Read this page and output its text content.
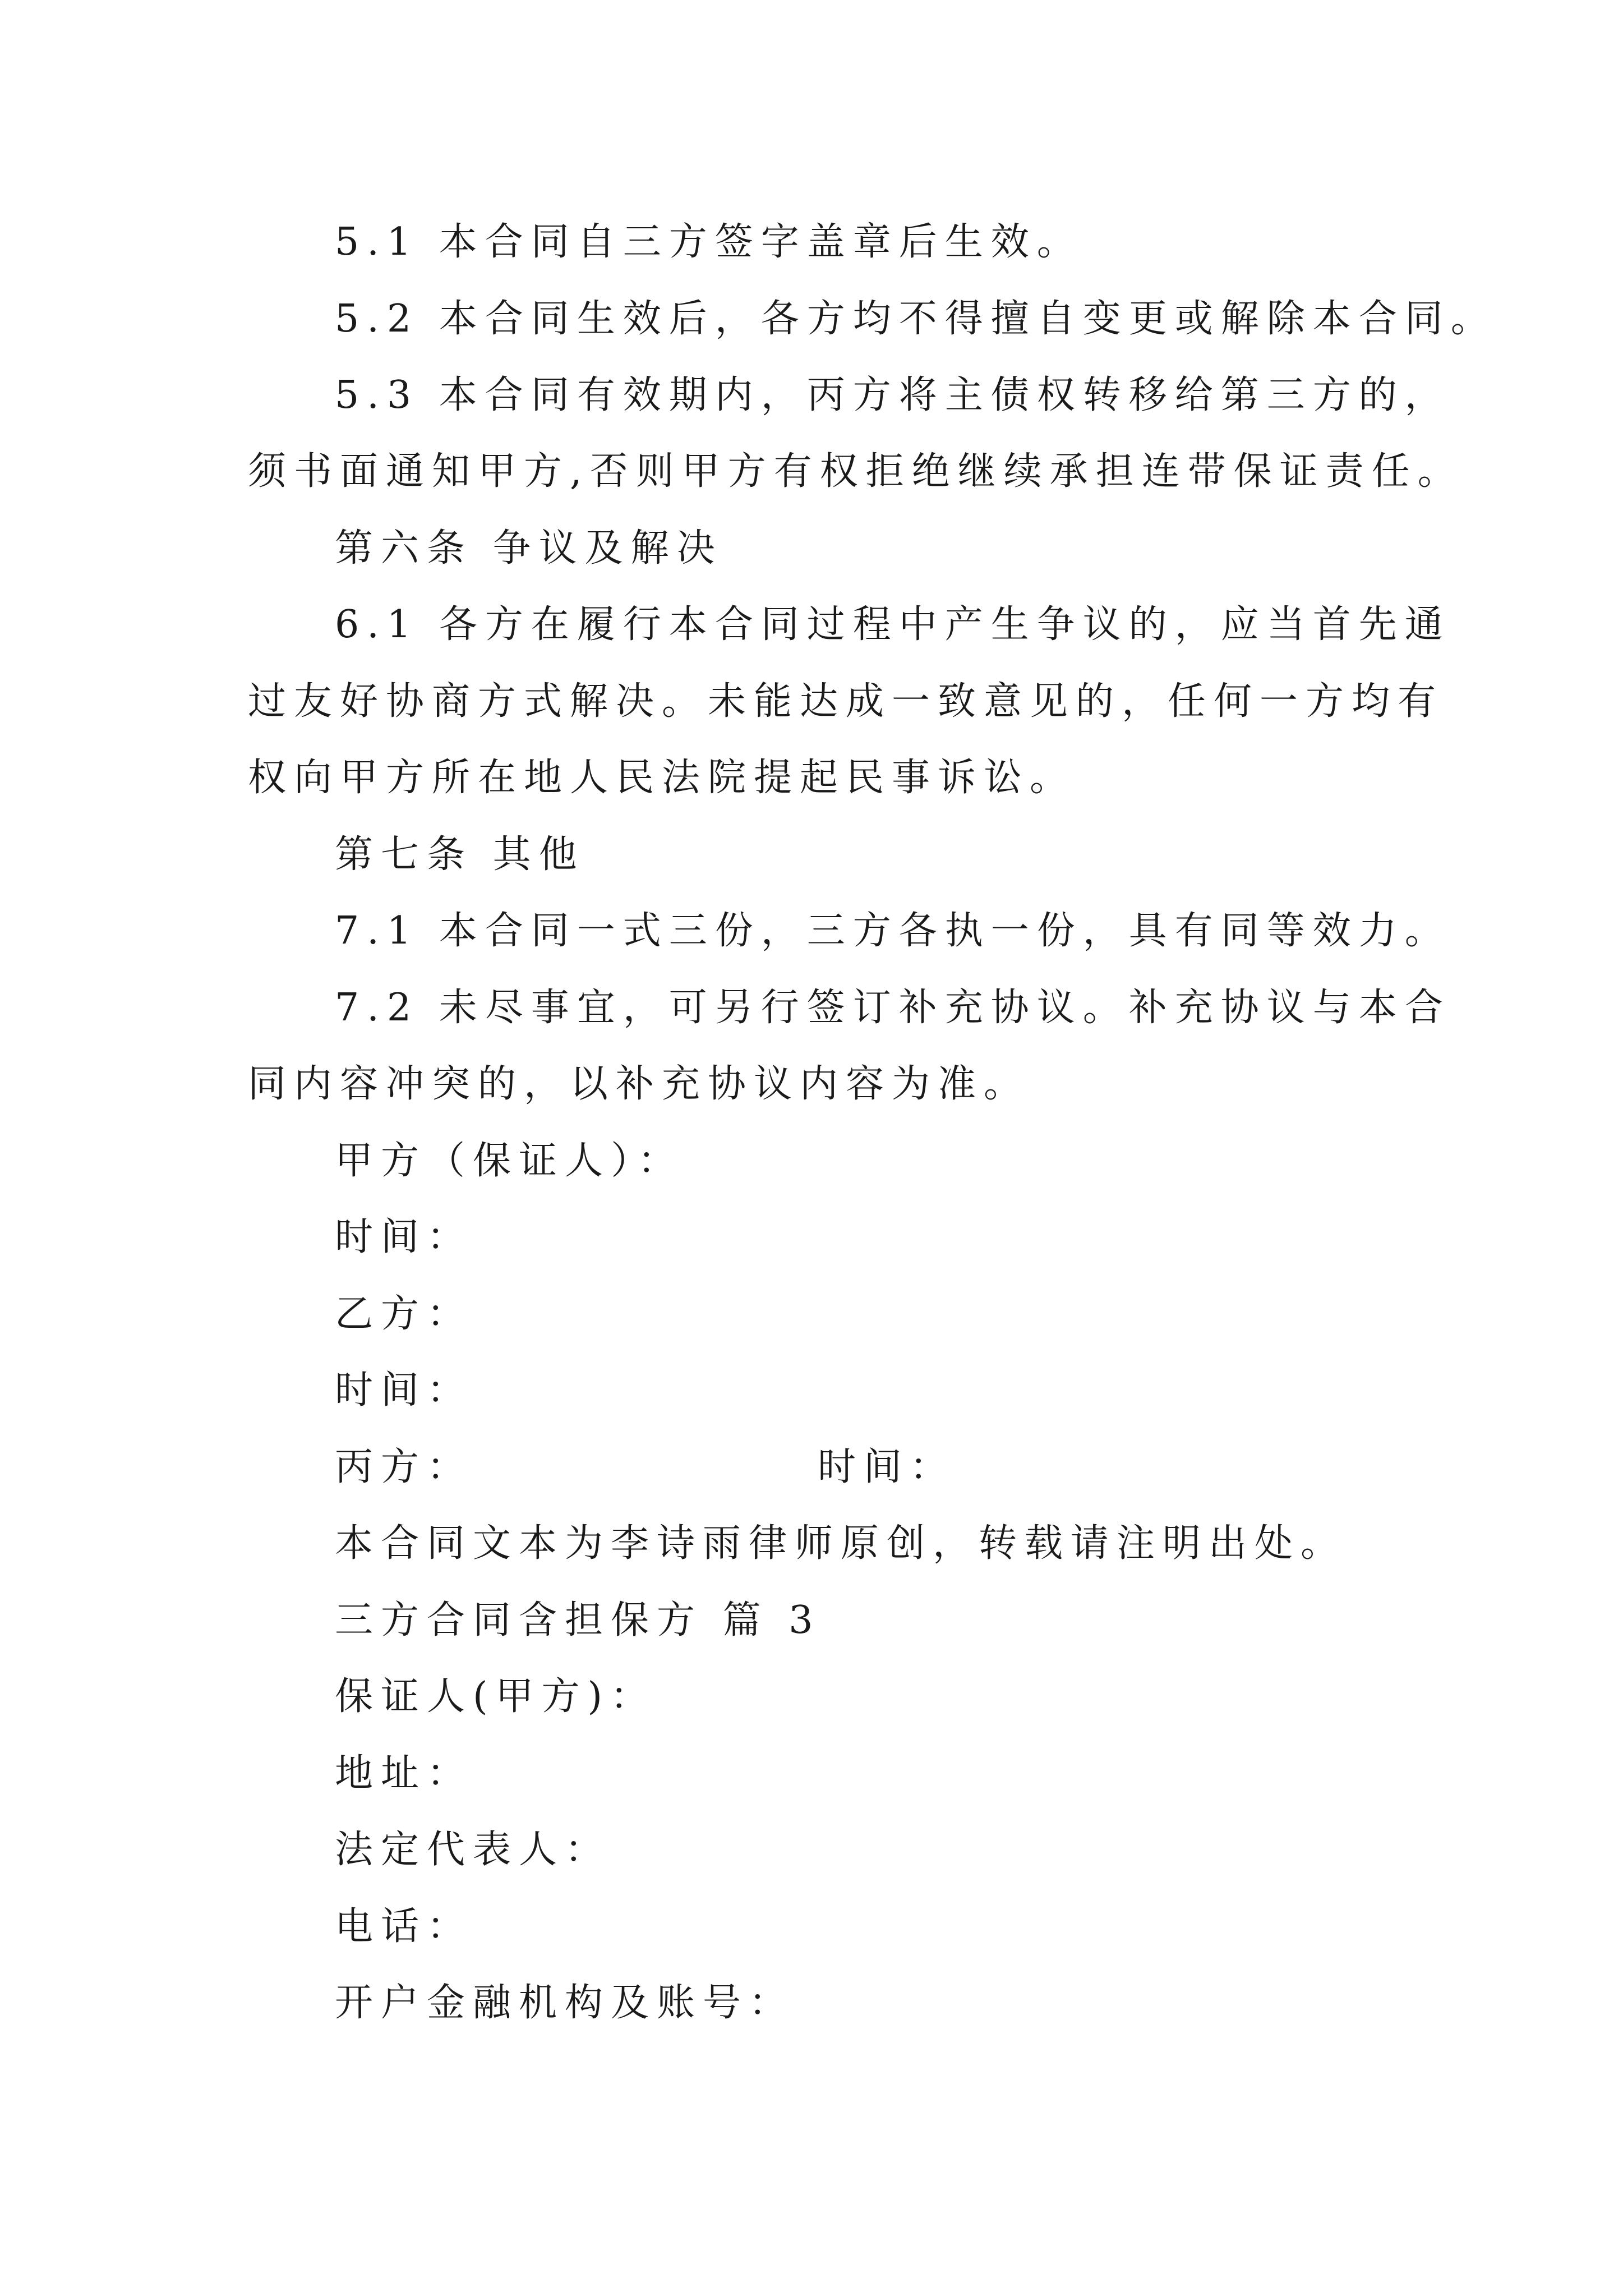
5.1 本合同自三方签字盖章后生效。
5.2 本合同生效后，各方均不得擅自变更或解除本合同。
5.3 本合同有效期内，丙方将主债权转移给第三方的，
须书面通知甲方,否则甲方有权拒绝继续承担连带保证责任。
第六条 争议及解决
6.1 各方在履行本合同过程中产生争议的，应当首先通
过友好协商方式解决。未能达成一致意见的，任何一方均有
权向甲方所在地人民法院提起民事诉讼。
第七条 其他
7.1 本合同一式三份，三方各执一份，具有同等效力。
7.2 未尽事宜，可另行签订补充协议。补充协议与本合
同内容冲突的，以补充协议内容为准。
甲方（保证人）：
时间：
乙方：
时间：
丙方：	时间：
本合同文本为李诗雨律师原创，转载请注明出处。
三方合同含担保方 篇 3
保证人(甲方)：
地址：
法定代表人：
电话：
开户金融机构及账号：
